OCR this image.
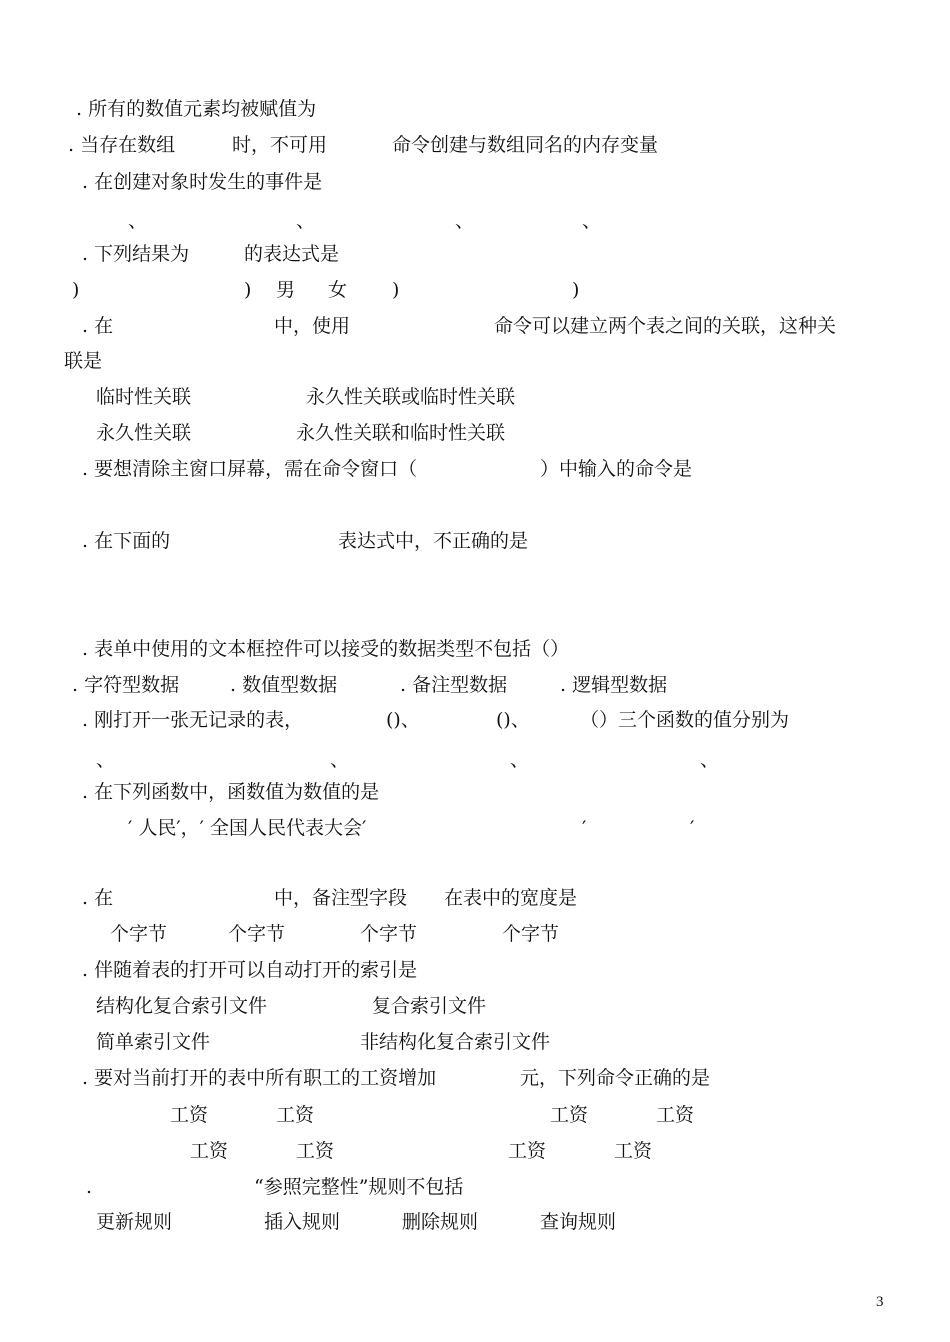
. 所有的数值元素均被赋值为
. 当存在数组	时，不可用	命令创建与数组同名的内存变量
. 在创建对象时发生的事件是
、	、	、	、
. 下列结果为	的表达式是
)	) 男 女 )	)
. 在	中，使用	命令可以建立两个表之间的关联，这种关
联是
临时性关联	永久性关联或临时性关联
永久性关联	永久性关联和临时性关联
. 要想清除主窗口屏幕，需在命令窗口（	）中输入的命令是
. 在下面的	表达式中，不正确的是
. 表单中使用的文本框控件可以接受的数据类型不包括（）
. 字符型数据	. 数值型数据	. 备注型数据	. 逻辑型数据
. 刚打开一张无记录的表，	()、	()、	（）三个函数的值分别为
、	、	、	、
. 在下列函数中，函数值为数值的是
′ 人民′，′ 全国人民代表大会′	′	′
. 在	中，备注型字段 在表中的宽度是
个字节	个字节	个字节	个字节
. 伴随着表的打开可以自动打开的索引是
结构化复合索引文件	复合索引文件
简单索引文件	非结构化复合索引文件
. 要对当前打开的表中所有职工的工资增加	元，下列命令正确的是
工资	工资	工资	工资
工资	工资	工资	工资
.	“参照完整性”规则不包括
更新规则	插入规则	删除规则	查询规则
3
